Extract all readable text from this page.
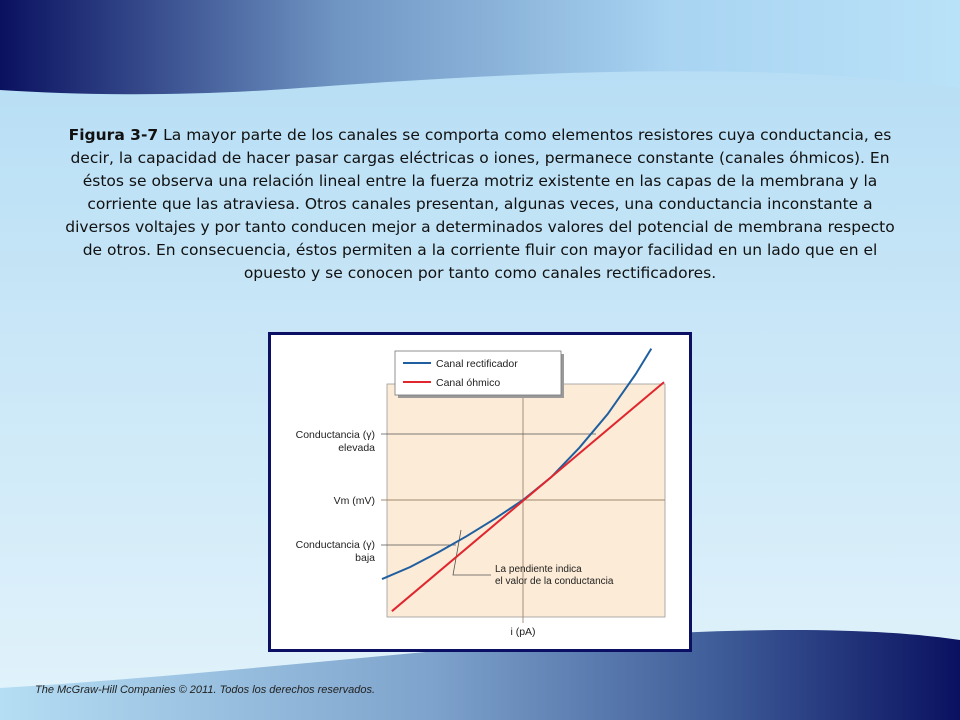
Figura 3-7 La mayor parte de los canales se comporta como elementos resistores cuya conductancia, es decir, la capacidad de hacer pasar cargas eléctricas o iones, permanece constante (canales óhmicos). En éstos se observa una relación lineal entre la fuerza motriz existente en las capas de la membrana y la corriente que las atraviesa. Otros canales presentan, algunas veces, una conductancia inconstante a diversos voltajes y por tanto conducen mejor a determinados valores del potencial de membrana respecto de otros. En consecuencia, éstos permiten a la corriente fluir con mayor facilidad en un lado que en el opuesto y se conocen por tanto como canales rectificadores.

Conductancia (γ)
elevada
Vm (mV)
Conductancia (γ)
baja
i (pA)
La pendiente indica
el valor de la conductancia
Canal rectificador
Canal óhmico
The McGraw-Hill Companies © 2011. Todos los derechos reservados.
